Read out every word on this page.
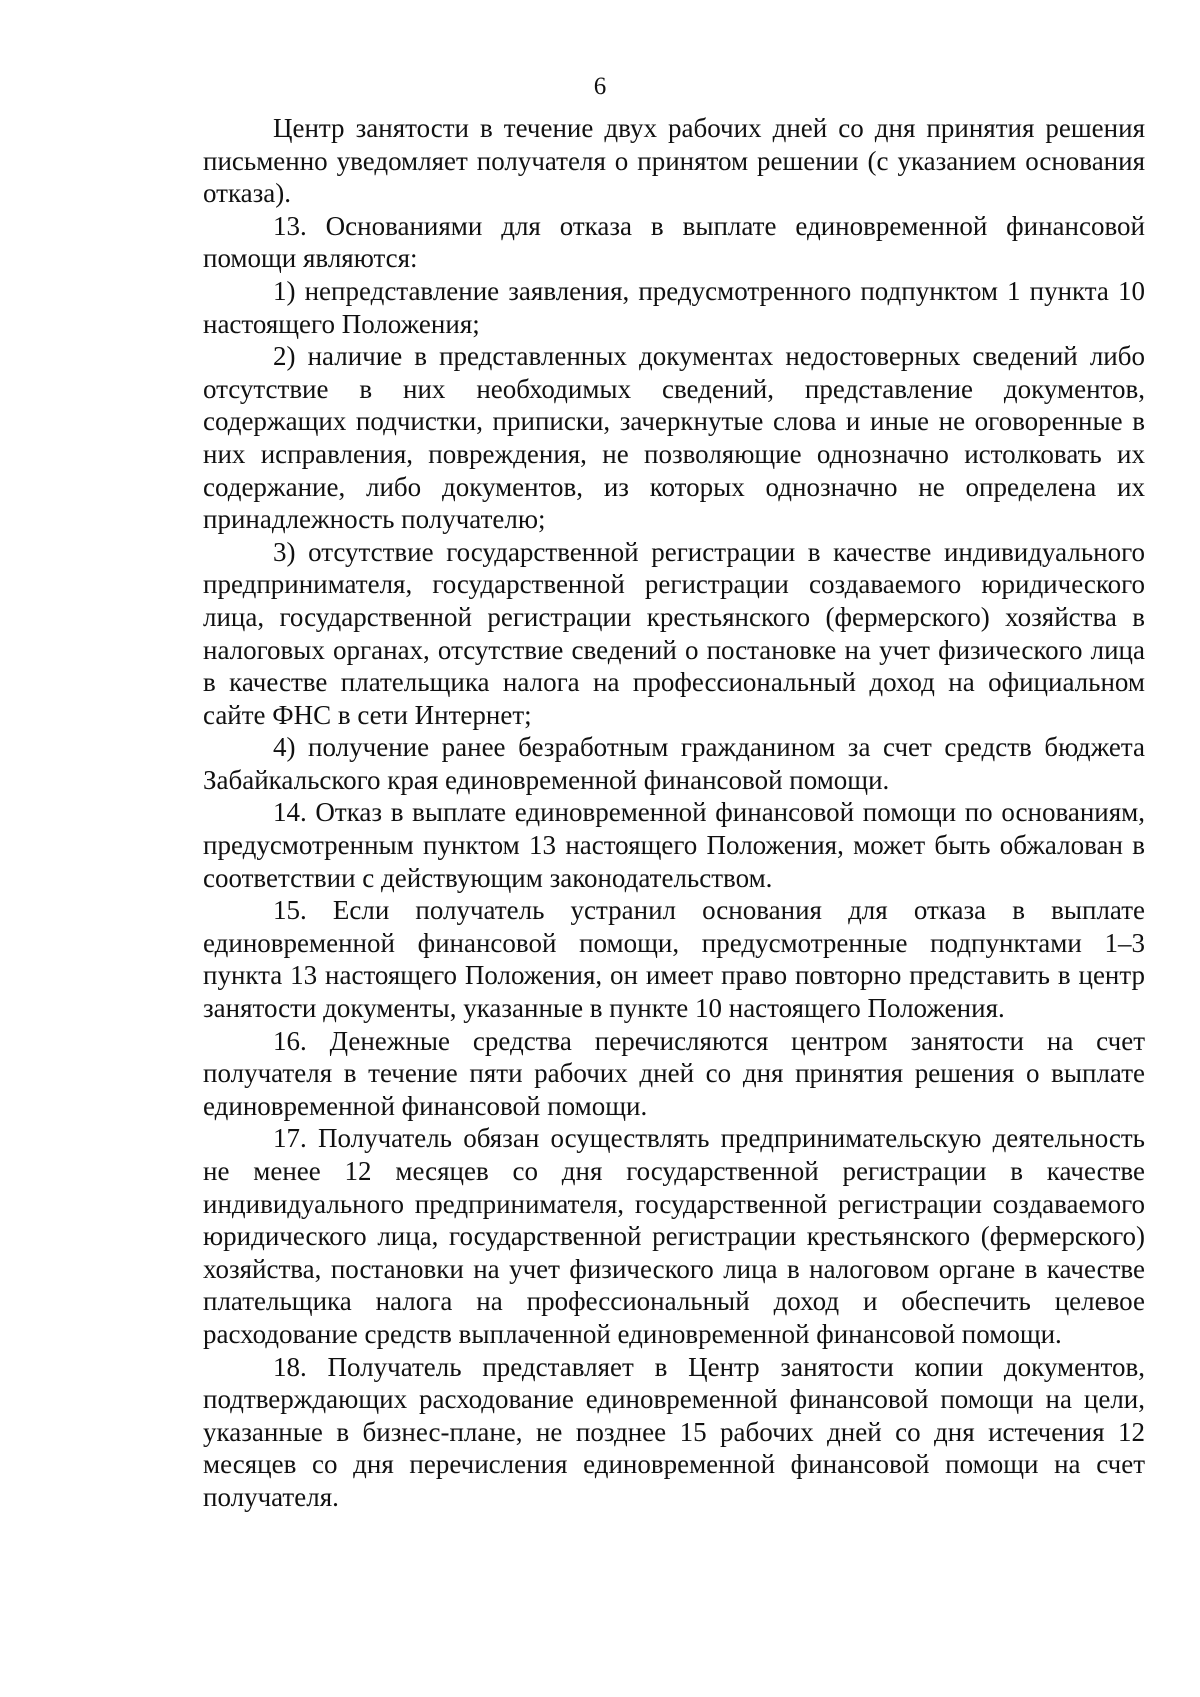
6

Центр занятости в течение двух рабочих дней со дня принятия решения письменно уведомляет получателя о принятом решении (с указанием основания отказа).

13. Основаниями для отказа в выплате единовременной финансовой помощи являются:

1) непредставление заявления, предусмотренного подпунктом 1 пункта 10 настоящего Положения;

2) наличие в представленных документах недостоверных сведений либо отсутствие в них необходимых сведений, представление документов, содержащих подчистки, приписки, зачеркнутые слова и иные не оговоренные в них исправления, повреждения, не позволяющие однозначно истолковать их содержание, либо документов, из которых однозначно не определена их принадлежность получателю;

3) отсутствие государственной регистрации в качестве индивидуального предпринимателя, государственной регистрации создаваемого юридического лица, государственной регистрации крестьянского (фермерского) хозяйства в налоговых органах, отсутствие сведений о постановке на учет физического лица в качестве плательщика налога на профессиональный доход на официальном сайте ФНС в сети Интернет;

4) получение ранее безработным гражданином за счет средств бюджета Забайкальского края единовременной финансовой помощи.

14. Отказ в выплате единовременной финансовой помощи по основаниям, предусмотренным пунктом 13 настоящего Положения, может быть обжалован в соответствии с действующим законодательством.

15. Если получатель устранил основания для отказа в выплате единовременной финансовой помощи, предусмотренные подпунктами 1–3 пункта 13 настоящего Положения, он имеет право повторно представить в центр занятости документы, указанные в пункте 10 настоящего Положения.

16. Денежные средства перечисляются центром занятости на счет получателя в течение пяти рабочих дней со дня принятия решения о выплате единовременной финансовой помощи.

17. Получатель обязан осуществлять предпринимательскую деятельность не менее 12 месяцев со дня государственной регистрации в качестве индивидуального предпринимателя, государственной регистрации создаваемого юридического лица, государственной регистрации крестьянского (фермерского) хозяйства, постановки на учет физического лица в налоговом органе в качестве плательщика налога на профессиональный доход и обеспечить целевое расходование средств выплаченной единовременной финансовой помощи.

18. Получатель представляет в Центр занятости копии документов, подтверждающих расходование единовременной финансовой помощи на цели, указанные в бизнес-плане, не позднее 15 рабочих дней со дня истечения 12 месяцев со дня перечисления единовременной финансовой помощи на счет получателя.
